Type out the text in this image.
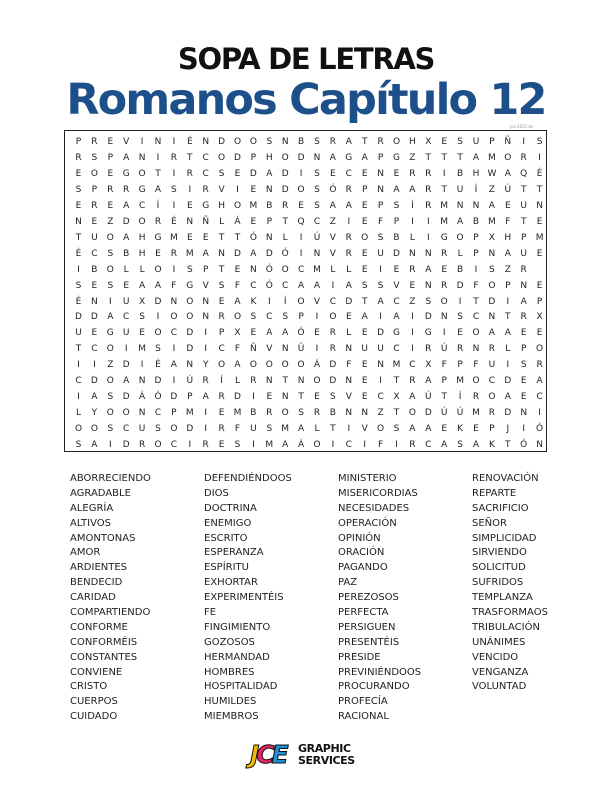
SOPA DE LETRAS
Romanos Capítulo 12
jce·2021·bn
P	R	E	V	I	N	I	É	N	D O O	S	N	B	S	R	A	T	R	O H	X	E	S	U	P	Ñ	I	S
R	S	P	A	N	I	R	T	C	O D	P	H O D	N	A	G	A	P	G	Z	T	T	T	A M O	R	I
E	O	E	G O	T	I	R	C	S	E	D	A	D	I	S	E	C	E	N	E	R	R	I	B	H W A	Q	É
S	P	R	R	G	A	S	I	R	V	I	E	N	D O	S	Ó	R	P	N	A	A	R	T	U	Í	Z	Ú	T	T
E	R	E	A	C	Í	I	E	G	H O M B	R	E	S	A	A	E	P	S	Í	R M N	N	A	E	U	N
N	E	Z	D O	R	É	N	Ñ	L	Á	E	P	T	Q	C	Z	I	E	F	P	I	I	M A	B M	F	T	E
T	U	O	A	H	G M	E	E	T	T	Ó N	L	I	Ú	V	R	O	S	B	L	I	G O	P	X	H	P	M
É	C	S	B	H	E	R M A	N	D	A	D Ó	I	N	V	R	E	U	D	N	N	R	L	P	N	A	U	E
I	B	O	L	L	O	I	S	P	T	E	N	Ó O	C M	L	L	E	I	E	R	A	E	B	I	S	Z	R
S	E	S	E	A	A	F	G	V	S	F	C	Ó	C	A	A	I	A	S	S	V	E	N	R	D	F	O	P	N	E
É	N	I	U	X	D	N	O N	E	A	K	I	Í	O	V	C	D	T	A	C	Z	S	O	I	T	D	I	A	P
D D	A	C	S	I	O O N	R	O	S	C	S	P	I	O	E	A	I	A	I	D	N	S	C	N	T	R	X
U	E	G	U	E	O	C	D	I	P	X	E	A	A	Ó	E	R	L	E	D G	I	G	I	E	O	A	A	E	E
T	C	O	I	M	S	I	D	I	C	F	Ñ	V	N	Ü	I	R	N	U	U	C	I	R	Ú	R	N	R	L	P	O
I	I	Z	D	I	É	A	N	Y	O	A	O O O O	Á	D	F	E	N M C	X	F	P	F	U	I	S	R
C	D O	A	N	D	I	Ú	R	Í	L	R	N	T	N	O D	N	E	I	T	R	A	P	M O	C	D	E	A
I	A	S	D	Á	Ó D	P	A	R	D	I	E	N	T	E	S	V	E	C	X	A	Ú	T	Í	R	O	A	E	C
L	Y	O O N	C	P	M	I	E	M B	R	O	S	R	B	N	N	Z	T	O D	Ú	Ú M R	D	N	I
O O	S	C	U	S	O D	I	R	F	U	S	M A	L	T	I	V	O	S	A	A	E	K	E	P	J	I	Ó
S	A	I	D	R	O	C	I	R	E	S	I	M A	Á	O	I	C	I	F	I	R	C	A	S	A	K	T	Ó N
ABORRECIENDO
AGRADABLE
ALEGRÍA
ALTIVOS
AMONTONAS
AMOR
ARDIENTES
BENDECID
CARIDAD
COMPARTIENDO
CONFORME
CONFORMÉIS
CONSTANTES
CONVIENE
CRISTO
CUERPOS
CUIDADO
DEFENDIÉNDOOS
DIOS
DOCTRINA
ENEMIGO
ESCRITO
ESPERANZA
ESPÍRITU
EXHORTAR
EXPERIMENTÉIS
FE
FINGIMIENTO
GOZOSOS
HERMANDAD
HOMBRES
HOSPITALIDAD
HUMILDES
MIEMBROS
MINISTERIO
MISERICORDIAS
NECESIDADES
OPERACIÓN
OPINIÓN
ORACIÓN
PAGANDO
PAZ
PEREZOSOS
PERFECTA
PERSIGUEN
PRESENTÉIS
PRESIDE
PREVINIÉNDOOS
PROCURANDO
PROFECÍA
RACIONAL
RENOVACIÓN
REPARTE
SACRIFICIO
SEÑOR
SIMPLICIDAD
SIRVIENDO
SOLICITUD
SUFRIDOS
TEMPLANZA
TRASFORMAOS
TRIBULACIÓN
UNÁNIMES
VENCIDO
VENGANZA
VOLUNTAD
JCE GRAPHIC
SERVICES
